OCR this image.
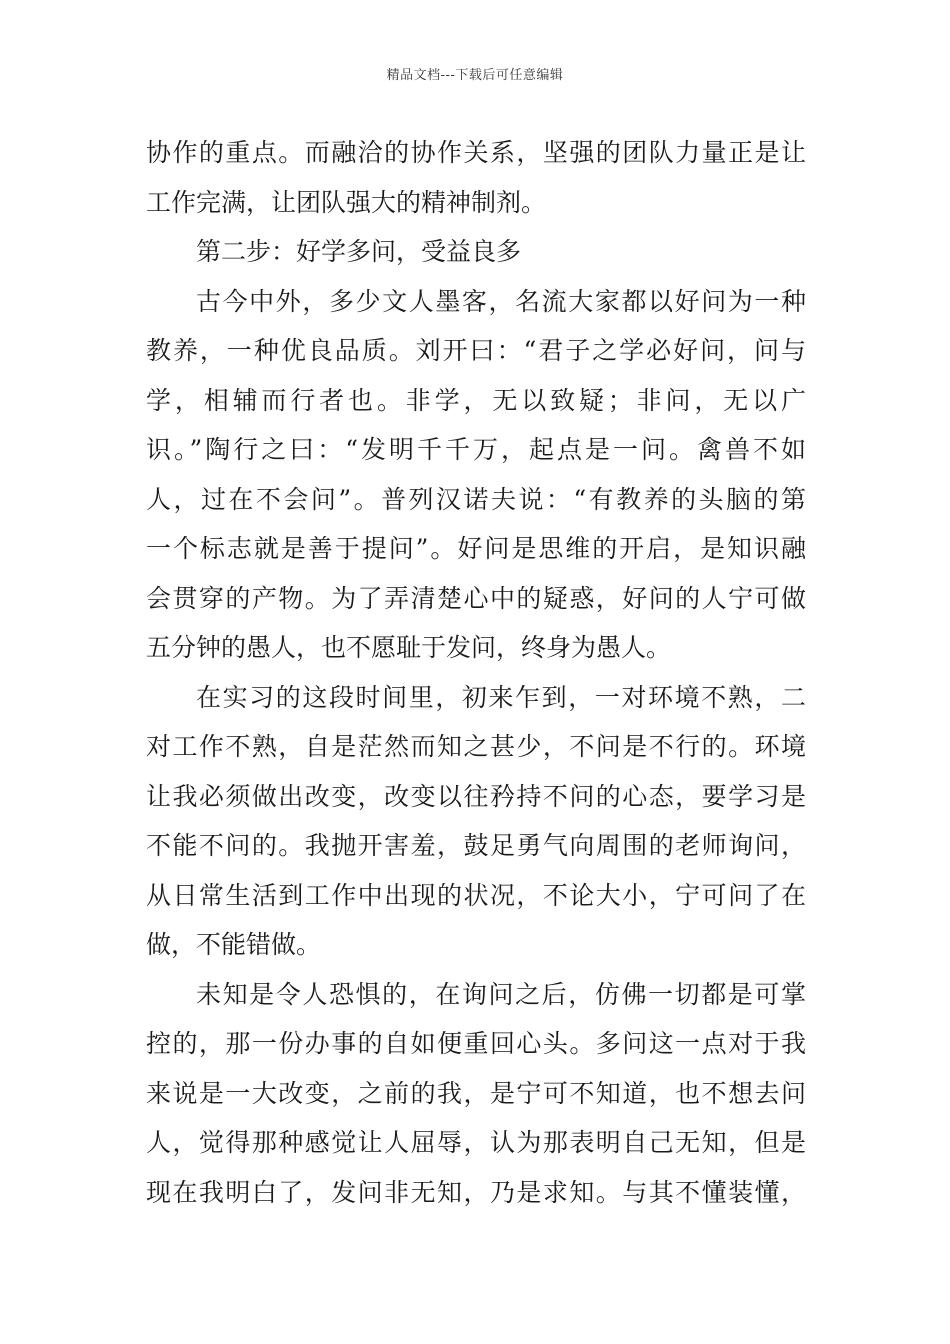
精品文档---下载后可任意编辑
协作的重点。而融洽的协作关系，坚强的团队力量正是让
工作完满，让团队强大的精神制剂。
第二步：好学多问，受益良多
古今中外，多少文人墨客，名流大家都以好问为一种
教养，一种优良品质。刘开曰：“君子之学必好问，问与
学，相辅而行者也。非学，无以致疑；非问，无以广
识。”陶行之曰：“发明千千万，起点是一问。禽兽不如
人，过在不会问”。普列汉诺夫说：“有教养的头脑的第
一个标志就是善于提问”。好问是思维的开启，是知识融
会贯穿的产物。为了弄清楚心中的疑惑，好问的人宁可做
五分钟的愚人，也不愿耻于发问，终身为愚人。
在实习的这段时间里，初来乍到，一对环境不熟，二
对工作不熟，自是茫然而知之甚少，不问是不行的。环境
让我必须做出改变，改变以往矜持不问的心态，要学习是
不能不问的。我抛开害羞，鼓足勇气向周围的老师询问，
从日常生活到工作中出现的状况，不论大小，宁可问了在
做，不能错做。
未知是令人恐惧的，在询问之后，仿佛一切都是可掌
控的，那一份办事的自如便重回心头。多问这一点对于我
来说是一大改变，之前的我，是宁可不知道，也不想去问
人，觉得那种感觉让人屈辱，认为那表明自己无知，但是
现在我明白了，发问非无知，乃是求知。与其不懂装懂，
